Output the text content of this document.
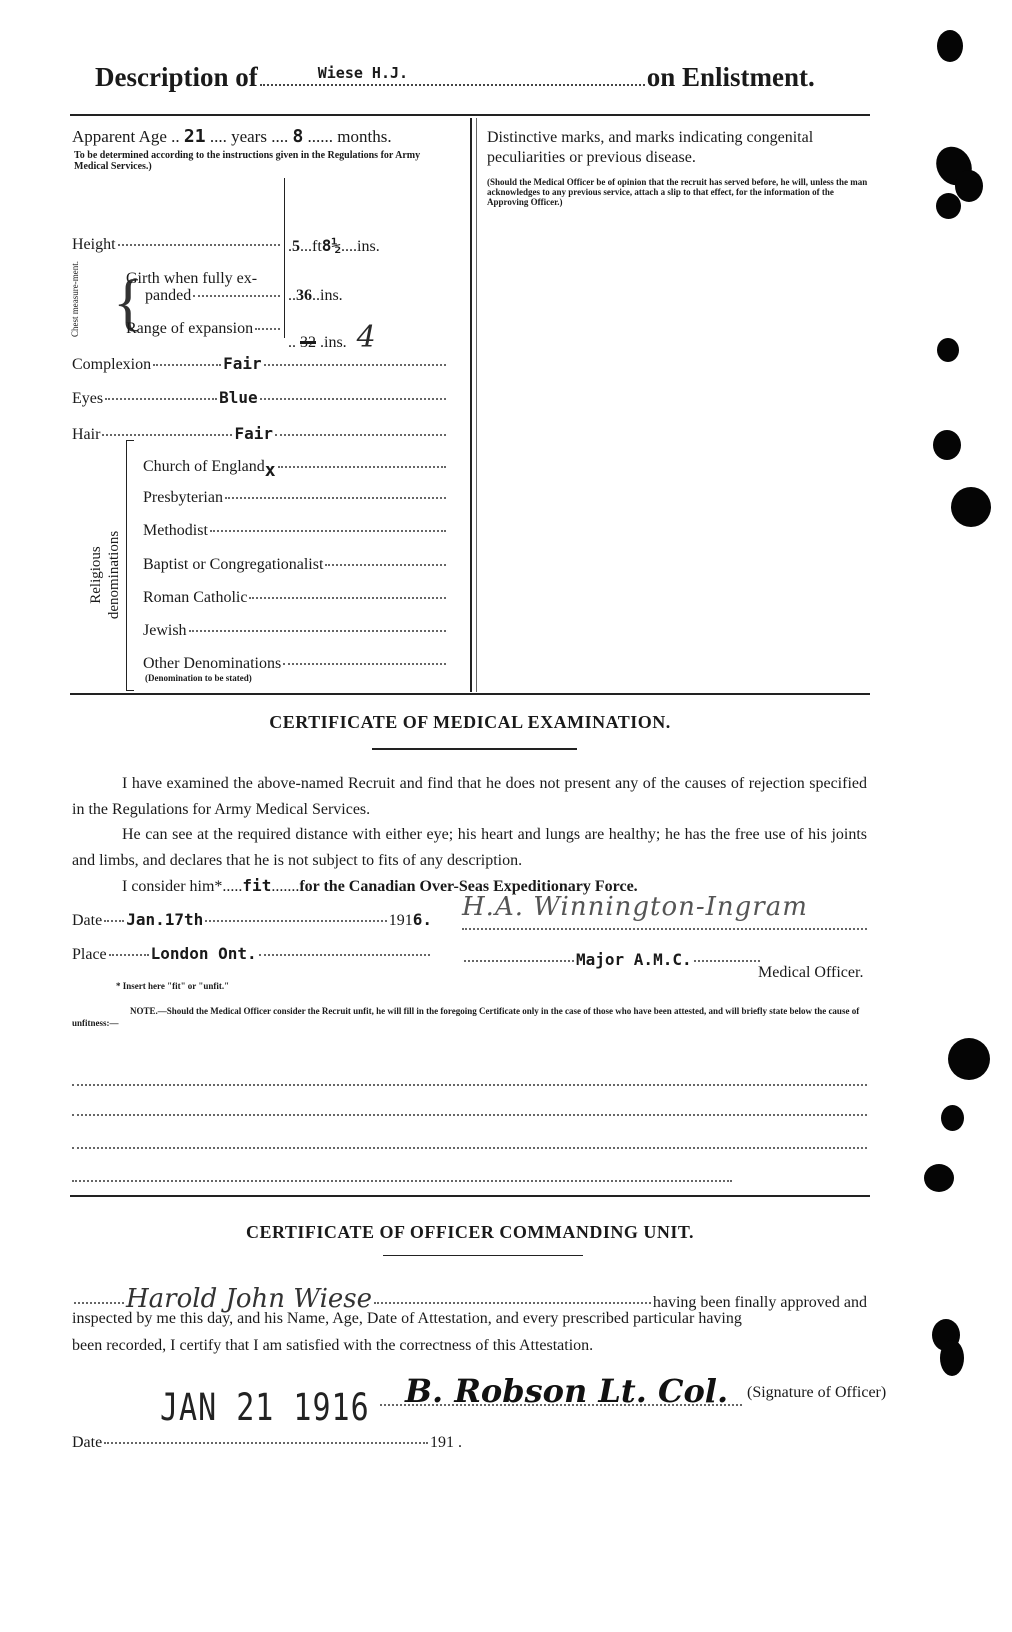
Description of	Wiese H.J.	on Enlistment.
Apparent Age .. 21 .... years .... 8 ...... months.
To be determined according to the instructions given in the Regulations for Army Medical Services.)
Height	.5...ft8½....ins.
Chest measure-ment. {
Girth when fully ex-
panded	..36..ins.
Range of expansion
.. 32 .ins. 4
Complexion	Fair
Eyes	Blue
Hair	Fair
Religious denominations
Church of England x
Presbyterian
Methodist
Baptist or Congregationalist
Roman Catholic
Jewish
Other Denominations
(Denomination to be stated)
Distinctive marks, and marks indicating congenital peculiarities or previous disease.
(Should the Medical Officer be of opinion that the recruit has served before, he will, unless the man acknowledges to any previous service, attach a slip to that effect, for the information of the Approving Officer.)
CERTIFICATE OF MEDICAL EXAMINATION.
I have examined the above-named Recruit and find that he does not present any of the causes of rejection specified in the Regulations for Army Medical Services.
He can see at the required distance with either eye; his heart and lungs are healthy; he has the free use of his joints and limbs, and declares that he is not subject to fits of any description.
I consider him*.....fit.......for the Canadian Over-Seas Expeditionary Force.
Date Jan.17th	191 6. H.A. Winnington-Ingram
Place	London Ont.	Major A.M.C.
Medical Officer.
* Insert here "fit" or "unfit."
NOTE.—Should the Medical Officer consider the Recruit unfit, he will fill in the foregoing Certificate only in the case of those who have been attested, and will briefly state below the cause of unfitness:—
CERTIFICATE OF OFFICER COMMANDING UNIT.
Harold John Wiese	having been finally approved and
inspected by me this day, and his Name, Age, Date of Attestation, and every prescribed particular having
been recorded, I certify that I am satisfied with the correctness of this Attestation.
JAN 21 1916 B. Robson Lt. Col. (Signature of Officer)
Date	191 .
